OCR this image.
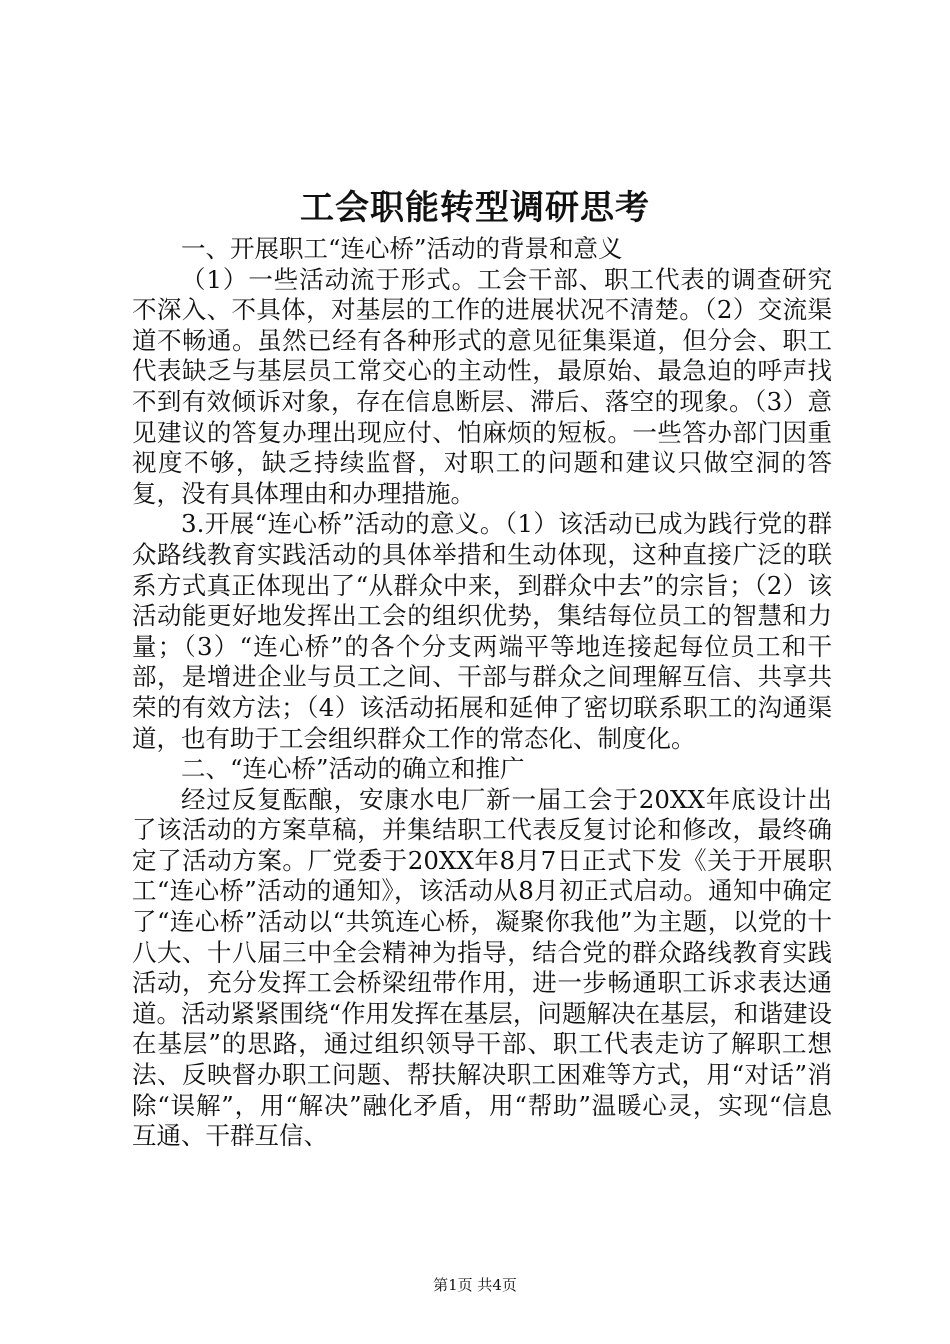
工会职能转型调研思考

一、开展职工“连心桥”活动的背景和意义

（1）一些活动流于形式。工会干部、职工代表的调查研究不深入、不具体，对基层的工作的进展状况不清楚。（2）交流渠道不畅通。虽然已经有各种形式的意见征集渠道，但分会、职工代表缺乏与基层员工常交心的主动性，最原始、最急迫的呼声找不到有效倾诉对象，存在信息断层、滞后、落空的现象。（3）意见建议的答复办理出现应付、怕麻烦的短板。一些答办部门因重视度不够，缺乏持续监督，对职工的问题和建议只做空洞的答复，没有具体理由和办理措施。

3.开展“连心桥”活动的意义。（1）该活动已成为践行党的群众路线教育实践活动的具体举措和生动体现，这种直接广泛的联系方式真正体现出了“从群众中来，到群众中去”的宗旨；（2）该活动能更好地发挥出工会的组织优势，集结每位员工的智慧和力量；（3）“连心桥”的各个分支两端平等地连接起每位员工和干部，是增进企业与员工之间、干部与群众之间理解互信、共享共荣的有效方法；（4）该活动拓展和延伸了密切联系职工的沟通渠道，也有助于工会组织群众工作的常态化、制度化。

二、“连心桥”活动的确立和推广

经过反复酝酿，安康水电厂新一届工会于20XX年底设计出了该活动的方案草稿，并集结职工代表反复讨论和修改，最终确定了活动方案。厂党委于20XX年8月7日正式下发《关于开展职工“连心桥”活动的通知》，该活动从8月初正式启动。通知中确定了“连心桥”活动以“共筑连心桥，凝聚你我他”为主题，以党的十八大、十八届三中全会精神为指导，结合党的群众路线教育实践活动，充分发挥工会桥梁纽带作用，进一步畅通职工诉求表达通道。活动紧紧围绕“作用发挥在基层，问题解决在基层，和谐建设在基层”的思路，通过组织领导干部、职工代表走访了解职工想法、反映督办职工问题、帮扶解决职工困难等方式，用“对话”消除“误解”，用“解决”融化矛盾，用“帮助”温暖心灵，实现“信息互通、干群互信、

第1页 共4页
